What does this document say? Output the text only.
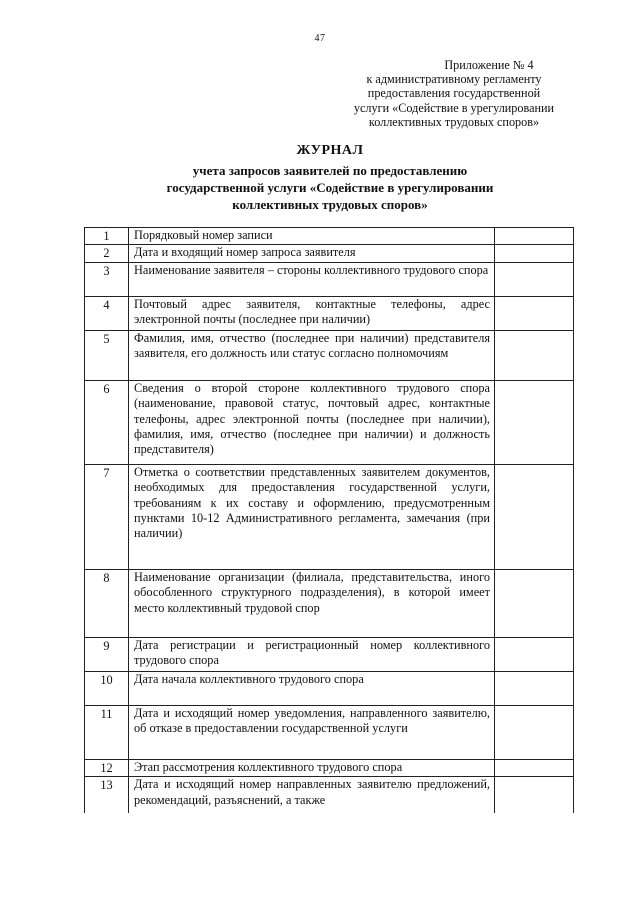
47
Приложение № 4
к административному регламенту
предоставления государственной
услуги «Содействие в урегулировании
коллективных трудовых споров»
ЖУРНАЛ
учета запросов заявителей по предоставлению
государственной услуги «Содействие в урегулировании
коллективных трудовых споров»
1	Порядковый номер записи	
2	Дата и входящий номер запроса заявителя	
3	Наименование заявителя – стороны коллективного трудового спора	
4	Почтовый адрес заявителя, контактные телефоны, адрес электронной почты (последнее при наличии)	
5	Фамилия, имя, отчество (последнее при наличии) представителя заявителя, его должность или статус согласно полномочиям	
6	Сведения о второй стороне коллективного трудового спора (наименование, правовой статус, почтовый адрес, контактные телефоны, адрес электронной почты (последнее при наличии), фамилия, имя, отчество (последнее при наличии) и должность представителя)	
7	Отметка о соответствии представленных заявителем документов, необходимых для предоставления государственной услуги, требованиям к их составу и оформлению, предусмотренным пунктами 10-12 Административного регламента, замечания (при наличии)	
8	Наименование организации (филиала, представительства, иного обособленного структурного подразделения), в которой имеет место коллективный трудовой спор	
9	Дата регистрации и регистрационный номер коллективного трудового спора	
10	Дата начала коллективного трудового спора	
11	Дата и исходящий номер уведомления, направленного заявителю, об отказе в предоставлении государственной услуги	
12	Этап рассмотрения коллективного трудового спора	
13	Дата и исходящий номер направленных заявителю предложений, рекомендаций, разъяснений, а также	
